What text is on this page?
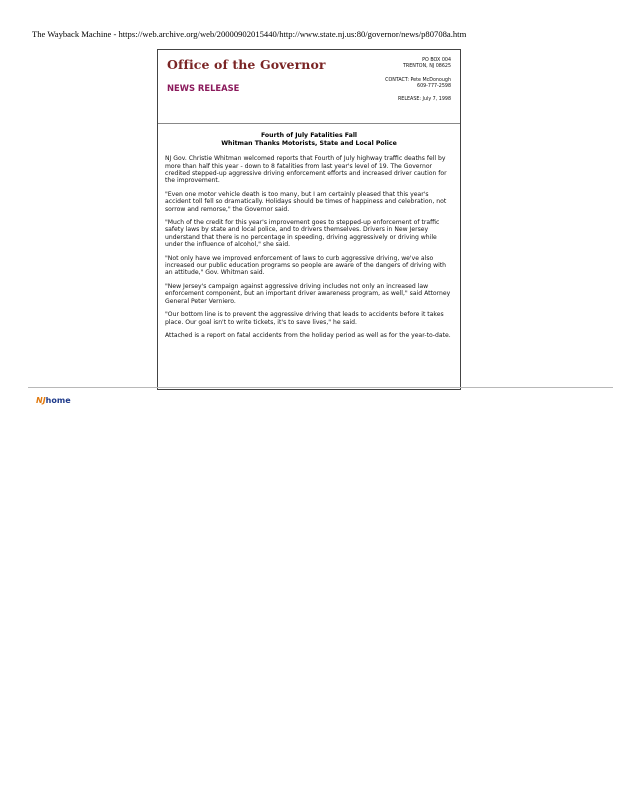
The Wayback Machine - https://web.archive.org/web/20000902015440/http://www.state.nj.us:80/governor/news/p80708a.htm
Office of the Governor
NEWS RELEASE
PO BOX 004
TRENTON, NJ 08625
CONTACT: Pete McDonough
609-777-2598
RELEASE: July 7, 1998
Fourth of July Fatalities Fall
Whitman Thanks Motorists, State and Local Police

NJ Gov. Christie Whitman welcomed reports that Fourth of July highway traffic deaths fell by more than half this year - down to 8 fatalities from last year's level of 19. The Governor credited stepped-up aggressive driving enforcement efforts and increased driver caution for the improvement.

"Even one motor vehicle death is too many, but I am certainly pleased that this year's accident toll fell so dramatically. Holidays should be times of happiness and celebration, not sorrow and remorse," the Governor said.

"Much of the credit for this year's improvement goes to stepped-up enforcement of traffic safety laws by state and local police, and to drivers themselves. Drivers in New Jersey understand that there is no percentage in speeding, driving aggressively or driving while under the influence of alcohol," she said.

"Not only have we improved enforcement of laws to curb aggressive driving, we've also increased our public education programs so people are aware of the dangers of driving with an attitude," Gov. Whitman said.

"New Jersey's campaign against aggressive driving includes not only an increased law enforcement component, but an important driver awareness program, as well," said Attorney General Peter Verniero.

"Our bottom line is to prevent the aggressive driving that leads to accidents before it takes place. Our goal isn't to write tickets, it's to save lives," he said.

Attached is a report on fatal accidents from the holiday period as well as for the year-to-date.

NJ home
